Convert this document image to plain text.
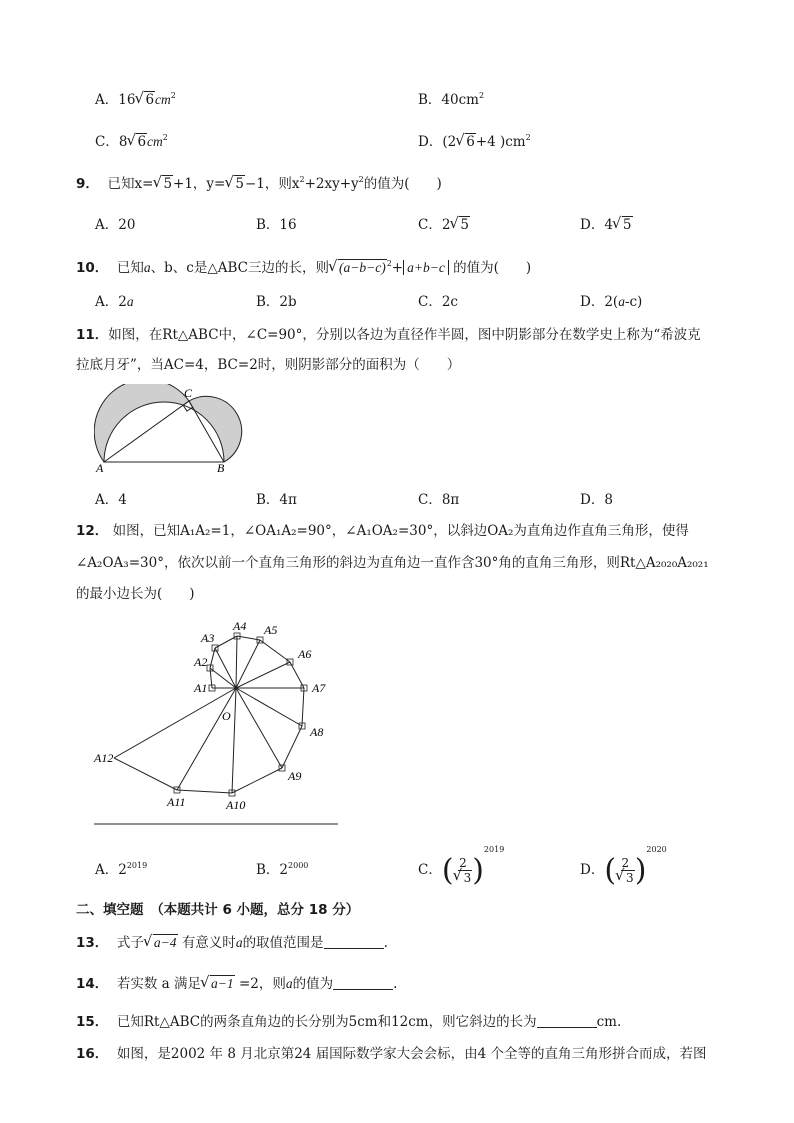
A．16 √ $6cm^2$	B．$40cm^2$
C．8 √ $6cm^2$	D．(2 √ 6+4 )$cm^2$
9． 已知x= √ 5+1，y= √ 5−1，则$x^2+2xy+y^2$的值为(　　)
A．20	B．16	C．2 √ 5	D．4 √ 5
10． 已知a、b、c是△ABC三边的长，则 √ $(a-b-c)^2+ a+b-c$ 的值为(　　)
A．2a	B．2b	C．2c	D．2(a-c)
11．如图，在Rt△ABC中，∠C=90°，分别以各边为直径作半圆，图中阴影部分在数学史上称为“希波克
拉底月牙”，当AC=4，BC=2时，则阴影部分的面积为（　　）
A	B
C
A．4	B．4π	C．8π	D．8
12． 如图，已知A₁A₂=1，∠OA₁A₂=90°，∠A₁OA₂=30°，以斜边OA₂为直角边作直角三角形，使得
∠A₂OA₃=30°，依次以前一个直角三角形的斜边为直角边一直作含30°角的直角三角形，则Rt△A₂₀₂₀A₂₀₂₁
的最小边长为(　　)
A1
A2
A3
A4 A5
A6
A7
A8
A9
A10
A11
A12
O
A．$2^{2019}$	B．$2^{2000}$	C．( 2
√ 3 )$^{2019}$
D．( 2
√ 3 )$^{2020}$
二、填空题　（本题共计 6 小题，总分 18 分）
13． 式子 √ a−4 有意义时a的取值范围是	.
14． 若实数 a 满足 √ a−1 =2，则a的值为	.
15． 已知Rt△ABC的两条直角边的长分别为5cm和12cm，则它斜边的长为	cm.
16． 如图，是2002 年 8 月北京第24 届国际数学家大会会标，由4 个全等的直角三角形拼合而成，若图
